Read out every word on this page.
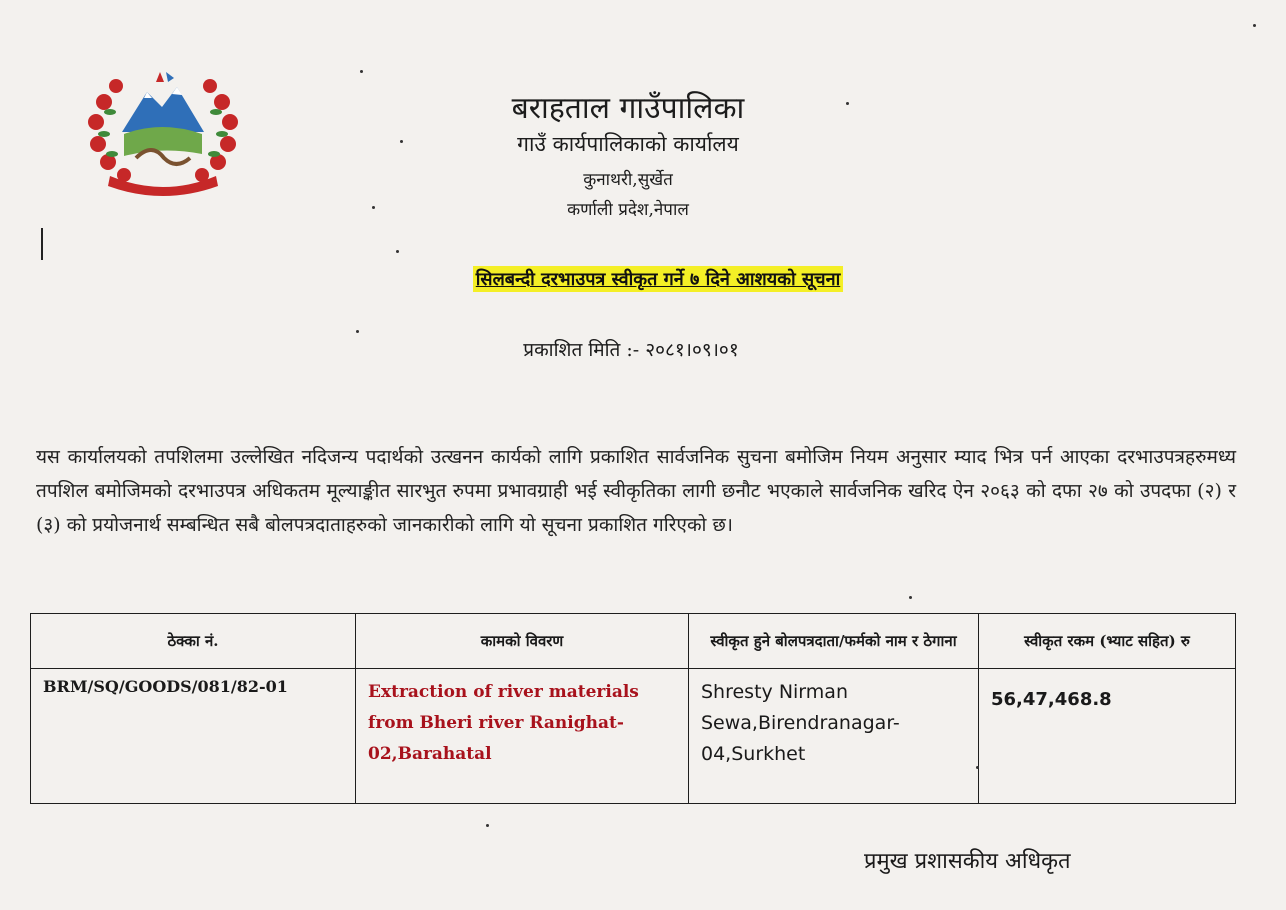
बराहताल गाउँपालिका
गाउँ कार्यपालिकाको कार्यालय
कुनाथरी,सुर्खेत
कर्णाली प्रदेश,नेपाल
सिलबन्दी दरभाउपत्र स्वीकृत गर्ने ७ दिने आशयको सूचना
प्रकाशित मिति :- २०८१।०९।०१
यस कार्यालयको तपशिलमा उल्लेखित नदिजन्य पदार्थको उत्खनन कार्यको लागि प्रकाशित सार्वजनिक सुचना बमोजिम नियम अनुसार म्याद भित्र पर्न आएका दरभाउपत्रहरुमध्य तपशिल बमोजिमको दरभाउपत्र अधिकतम मूल्याङ्कीत सारभुत रुपमा प्रभावग्राही भई स्वीकृतिका लागी छनौट भएकाले सार्वजनिक खरिद ऐन २०६३ को दफा २७ को उपदफा (२) र (३) को प्रयोजनार्थ सम्बन्धित सबै बोलपत्रदाताहरुको जानकारीको लागि यो सूचना प्रकाशित गरिएको छ।
ठेक्का नं.	कामको विवरण	स्वीकृत हुने बोलपत्रदाता/फर्मको नाम र ठेगाना	स्वीकृत रकम (भ्याट सहित) रु
BRM/SQ/GOODS/081/82-01	Extraction of river materials from Bheri river Ranighat-02,Barahatal	Shresty Nirman Sewa,Birendranagar-04,Surkhet	56,47,468.8
प्रमुख प्रशासकीय अधिकृत
